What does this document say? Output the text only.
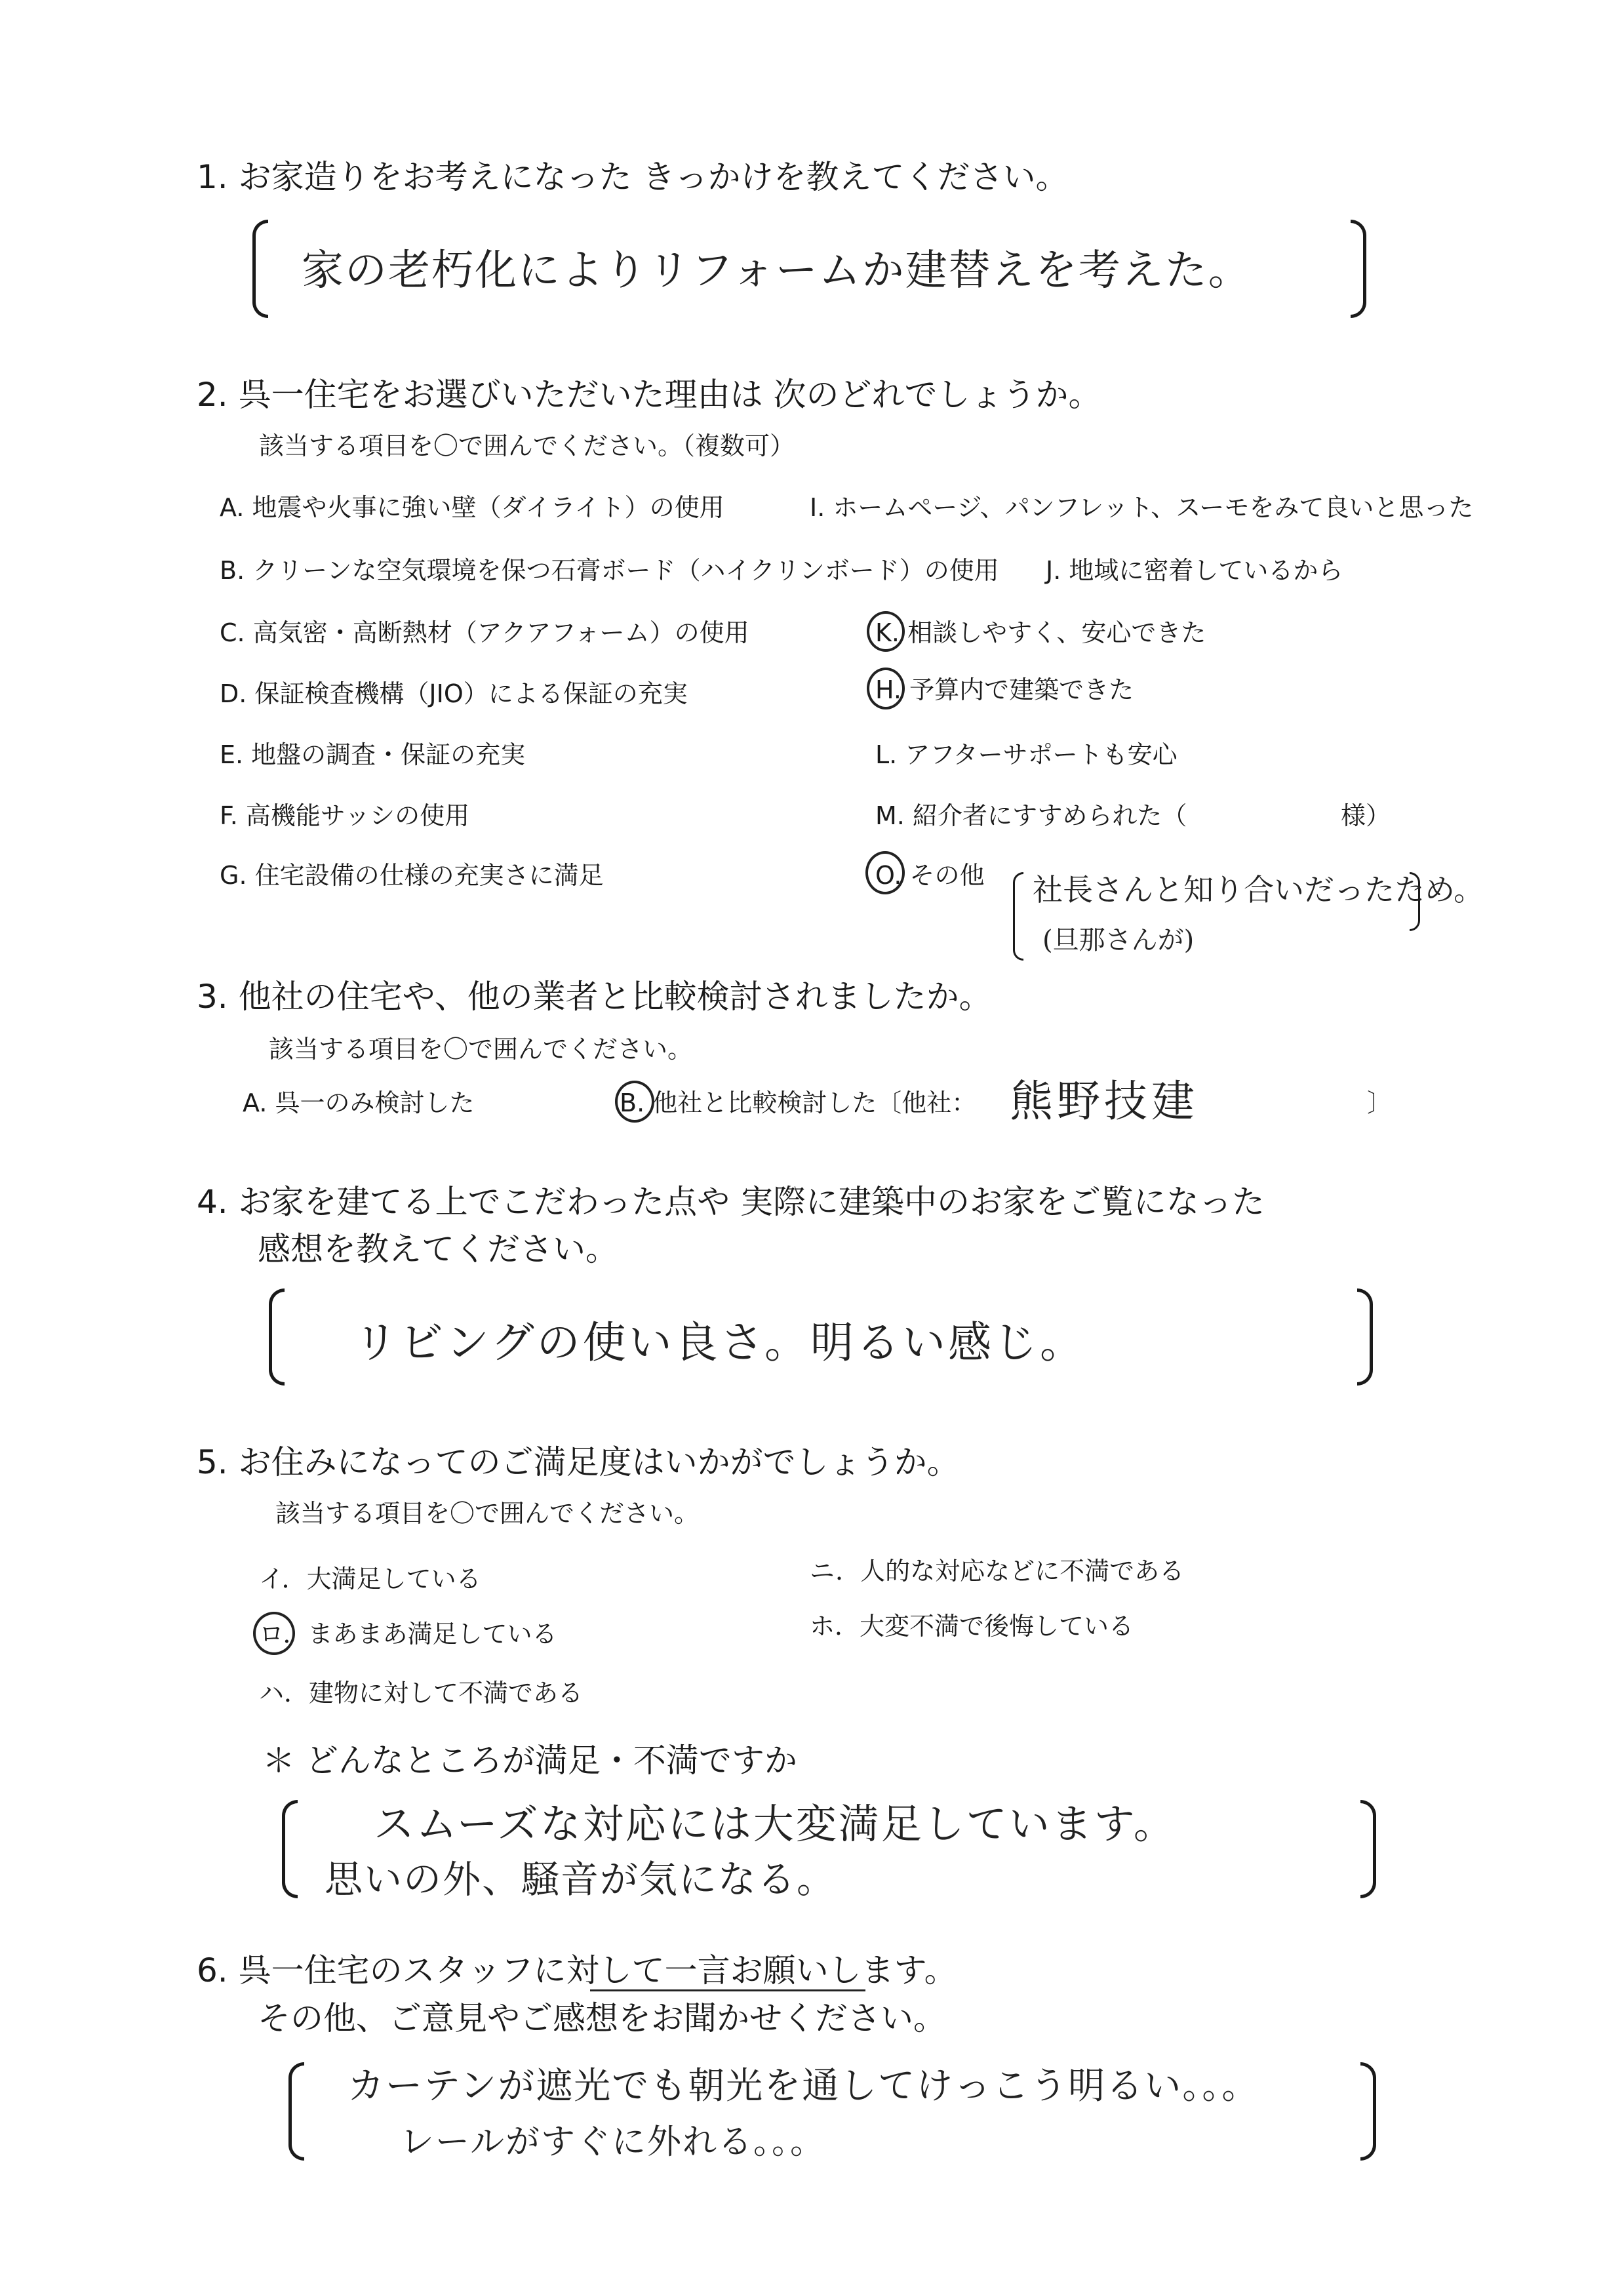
1. お家造りをお考えになった きっかけを教えてください。
家の老朽化によりリフォームか建替えを考えた。
2. 呉一住宅をお選びいただいた理由は 次のどれでしょうか。
該当する項目を〇で囲んでください。（複数可）
A. 地震や火事に強い壁（ダイライト）の使用
B. クリーンな空気環境を保つ石膏ボード（ハイクリンボード）の使用
C. 高気密・高断熱材（アクアフォーム）の使用
D. 保証検査機構（JIO）による保証の充実
E. 地盤の調査・保証の充実
F. 高機能サッシの使用
G. 住宅設備の仕様の充実さに満足
I. ホームページ、パンフレット、スーモをみて良いと思った
J. 地域に密着しているから
K. 相談しやすく、安心できた
H. 予算内で建築できた
L. アフターサポートも安心
M. 紹介者にすすめられた（	様）
O. その他 社長さんと知り合いだったため。
(旦那さんが)
3. 他社の住宅や、他の業者と比較検討されましたか。
該当する項目を〇で囲んでください。
A. 呉一のみ検討した	B. 他社と比較検討した〔他社：	〕
熊野技建
4. お家を建てる上でこだわった点や 実際に建築中のお家をご覧になった
感想を教えてください。
リビングの使い良さ。明るい感じ。
5. お住みになってのご満足度はいかがでしょうか。
該当する項目を〇で囲んでください。
イ．大満足している
ロ．まあまあ満足している
ハ．建物に対して不満である
ニ．人的な対応などに不満である
ホ．大変不満で後悔している
＊ どんなところが満足・不満ですか
スムーズな対応には大変満足しています。
思いの外、騒音が気になる。
6. 呉一住宅のスタッフに対して一言お願いします。
その他、ご意見やご感想をお聞かせください。
カーテンが遮光でも朝光を通してけっこう明るい。。。
レールがすぐに外れる。。。
